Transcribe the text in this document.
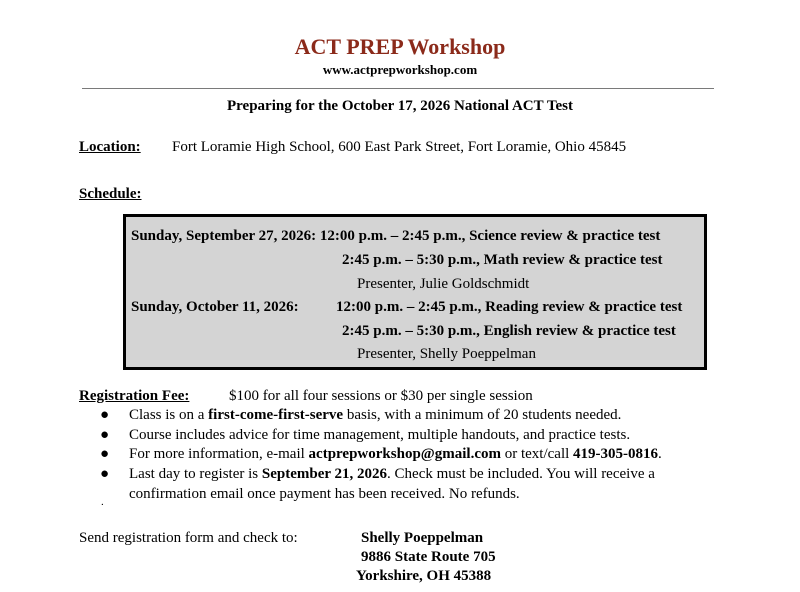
ACT PREP Workshop
www.actprepworkshop.com
Preparing for the October 17, 2026 National ACT Test
Location: Fort Loramie High School, 600 East Park Street, Fort Loramie, Ohio 45845
Schedule:
Sunday, September 27, 2026: 12:00 p.m. – 2:45 p.m., Science review & practice test
2:45 p.m. – 5:30 p.m., Math review & practice test
Presenter, Julie Goldschmidt
Sunday, October 11, 2026: 12:00 p.m. – 2:45 p.m., Reading review & practice test
2:45 p.m. – 5:30 p.m., English review & practice test
Presenter, Shelly Poeppelman
Registration Fee:	$100 for all four sessions or $30 per single session
● Class is on a first-come-first-serve basis, with a minimum of 20 students needed.
● Course includes advice for time management, multiple handouts, and practice tests.
● For more information, e-mail actprepworkshop@gmail.com or text/call 419-305-0816.
● Last day to register is September 21, 2026. Check must be included. You will receive a
confirmation email once payment has been received. No refunds.
.
Send registration form and check to:	Shelly Poeppelman
9886 State Route 705
Yorkshire, OH 45388
